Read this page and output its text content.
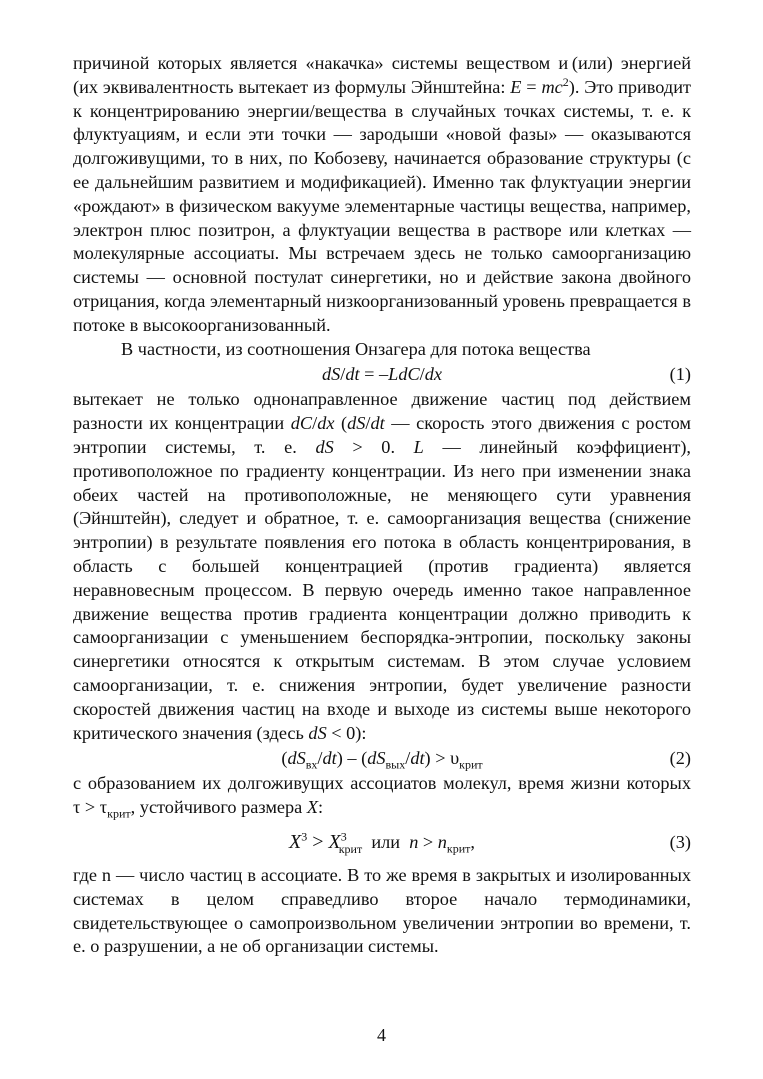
причиной которых является «накачка» системы веществом и (или) энергией (их эквивалентность вытекает из формулы Эйнштейна: $E = mc^2$). Это приводит к концентрированию энергии/вещества в случайных точках системы, т. е. к флуктуациям, и если эти точки — зародыши «новой фазы» — оказываются долгоживущими, то в них, по Кобозеву, начинается образование структуры (с ее дальнейшим развитием и модификацией). Именно так флуктуации энергии «рождают» в физическом вакууме элементарные частицы вещества, например, электрон плюс позитрон, а флуктуации вещества в растворе или клетках — молекулярные ассоциаты. Мы встречаем здесь не только самоорганизацию системы — основной постулат синергетики, но и действие закона двойного отрицания, когда элементарный низкоорганизованный уровень превращается в потоке в высокоорганизованный.

В частности, из соотношения Онзагера для потока вещества

dS/dt = –LdC/dx	(1)

вытекает не только однонаправленное движение частиц под действием разности их концентрации dC/dx (dS/dt — скорость этого движения с ростом энтропии системы, т. е. dS > 0. L — линейный коэффициент), противоположное по градиенту концентрации. Из него при изменении знака обеих частей на противоположные, не меняющего сути уравнения (Эйнштейн), следует и обратное, т. е. самоорганизация вещества (снижение энтропии) в результате появления его потока в область концентрирования, в область с большей концентрацией (против градиента) является неравновесным процессом. В первую очередь именно такое направленное движение вещества против градиента концентрации должно приводить к самоорганизации с уменьшением беспорядка-энтропии, поскольку законы синергетики относятся к открытым системам. В этом случае условием самоорганизации, т. е. снижения энтропии, будет увеличение разности скоростей движения частиц на входе и выходе из системы выше некоторого критического значения (здесь dS < 0):

$(dS_{вх}/dt) - (dS_{вых}/dt) > \upsilon_{крит}$	(2)

с образованием их долгоживущих ассоциатов молекул, время жизни которых $\tau > \tau_{крит}$, устойчивого размера X:

$X^3 > X^3_{крит}$  или  $n > n_{крит}$,	(3)

где n — число частиц в ассоциате. В то же время в закрытых и изолированных системах в целом справедливо второе начало термодинамики, свидетельствующее о самопроизвольном увеличении энтропии во времени, т. е. о разрушении, а не об организации системы.

4
